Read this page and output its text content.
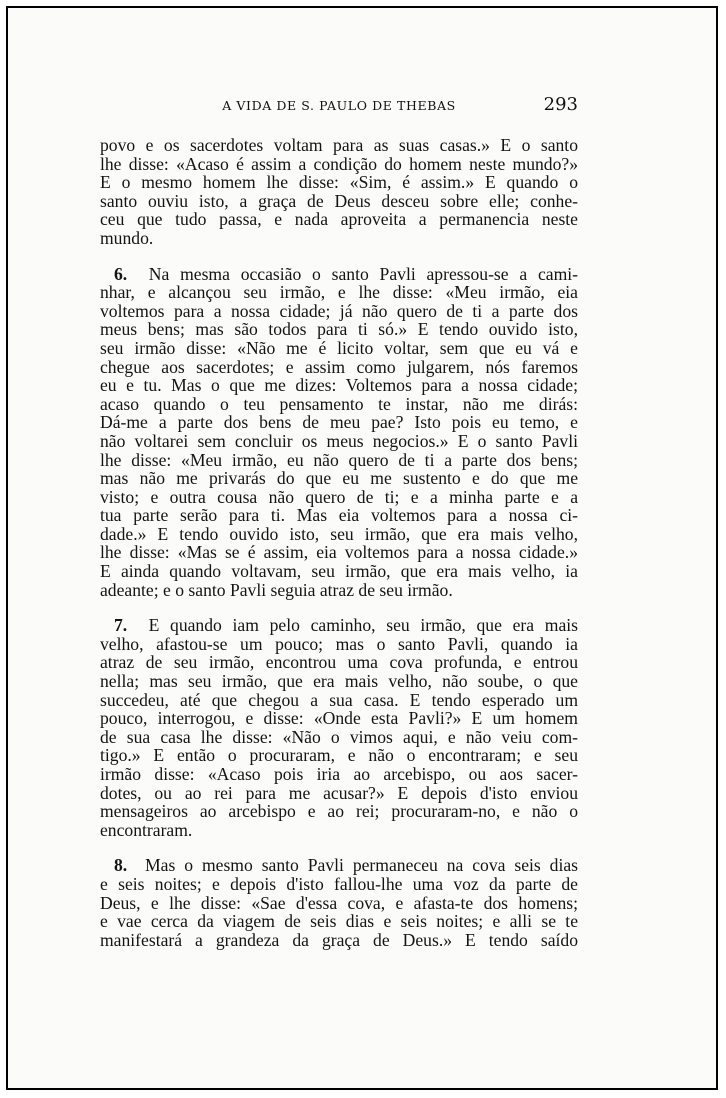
A VIDA DE S. PAULO DE THEBAS	293
povo e os sacerdotes voltam para as suas casas.» E o santo
lhe disse: «Acaso é assim a condição do homem neste mundo?»
E o mesmo homem lhe disse: «Sim, é assim.» E quando o
santo ouviu isto, a graça de Deus desceu sobre elle; conhe-
ceu que tudo passa, e nada aproveita a permanencia neste
mundo.
6. Na mesma occasião o santo Pavli apressou-se a cami-
nhar, e alcançou seu irmão, e lhe disse: «Meu irmão, eia
voltemos para a nossa cidade; já não quero de ti a parte dos
meus bens; mas são todos para ti só.» E tendo ouvido isto,
seu irmão disse: «Não me é licito voltar, sem que eu vá e
chegue aos sacerdotes; e assim como julgarem, nós faremos
eu e tu. Mas o que me dizes: Voltemos para a nossa cidade;
acaso quando o teu pensamento te instar, não me dirás:
Dá-me a parte dos bens de meu pae? Isto pois eu temo, e
não voltarei sem concluir os meus negocios.» E o santo Pavli
lhe disse: «Meu irmão, eu não quero de ti a parte dos bens;
mas não me privarás do que eu me sustento e do que me
visto; e outra cousa não quero de ti; e a minha parte e a
tua parte serão para ti. Mas eia voltemos para a nossa ci-
dade.» E tendo ouvido isto, seu irmão, que era mais velho,
lhe disse: «Mas se é assim, eia voltemos para a nossa cidade.»
E ainda quando voltavam, seu irmão, que era mais velho, ia
adeante; e o santo Pavli seguia atraz de seu irmão.
7. E quando iam pelo caminho, seu irmão, que era mais
velho, afastou-se um pouco; mas o santo Pavli, quando ia
atraz de seu irmão, encontrou uma cova profunda, e entrou
nella; mas seu irmão, que era mais velho, não soube, o que
succedeu, até que chegou a sua casa. E tendo esperado um
pouco, interrogou, e disse: «Onde esta Pavli?» E um homem
de sua casa lhe disse: «Não o vimos aqui, e não veiu com-
tigo.» E então o procuraram, e não o encontraram; e seu
irmão disse: «Acaso pois iria ao arcebispo, ou aos sacer-
dotes, ou ao rei para me acusar?» E depois d'isto enviou
mensageiros ao arcebispo e ao rei; procuraram-no, e não o
encontraram.
8. Mas o mesmo santo Pavli permaneceu na cova seis dias
e seis noites; e depois d'isto fallou-lhe uma voz da parte de
Deus, e lhe disse: «Sae d'essa cova, e afasta-te dos homens;
e vae cerca da viagem de seis dias e seis noites; e alli se te
manifestará a grandeza da graça de Deus.» E tendo saído
